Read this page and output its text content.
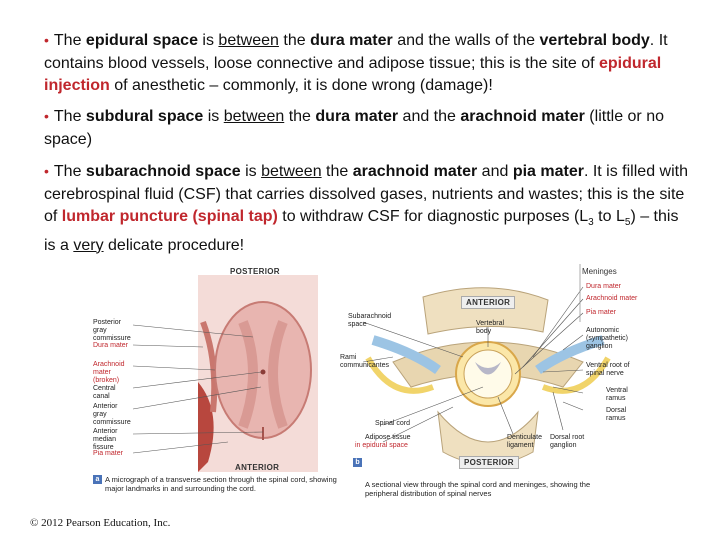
• The epidural space is between the dura mater and the walls of the vertebral body. It contains blood vessels, loose connective and adipose tissue; this is the site of epidural injection of anesthetic – commonly, it is done wrong (damage)!
• The subdural space is between the dura mater and the arachnoid mater (little or no space)
• The subarachnoid space is between the arachnoid mater and pia mater. It is filled with cerebrospinal fluid (CSF) that carries dissolved gases, nutrients and wastes; this is the site of lumbar puncture (spinal tap) to withdraw CSF for diagnostic purposes ($L_3$ to $L_5$) – this is a very delicate procedure!
POSTERIOR
ANTERIOR
Posterior gray commissure
Dura mater
Arachnoid mater (broken)
Central canal
Anterior gray commissure
Anterior median fissure
Pia mater
a A micrograph of a transverse section through the spinal cord, showing major landmarks in and surrounding the cord.
ANTERIOR
POSTERIOR
Meninges
Dura mater
Arachnoid mater
Pia mater
Autonomic (sympathetic) ganglion
Ventral root of spinal nerve
Ventral ramus
Dorsal ramus
Subarachnoid space	Vertebral body
Rami communicantes
Spinal cord
Adipose tissue
in epidural space
Denticulate ligament
Dorsal root ganglion
b
A sectional view through the spinal cord and meninges, showing the peripheral distribution of spinal nerves
© 2012 Pearson Education, Inc.
